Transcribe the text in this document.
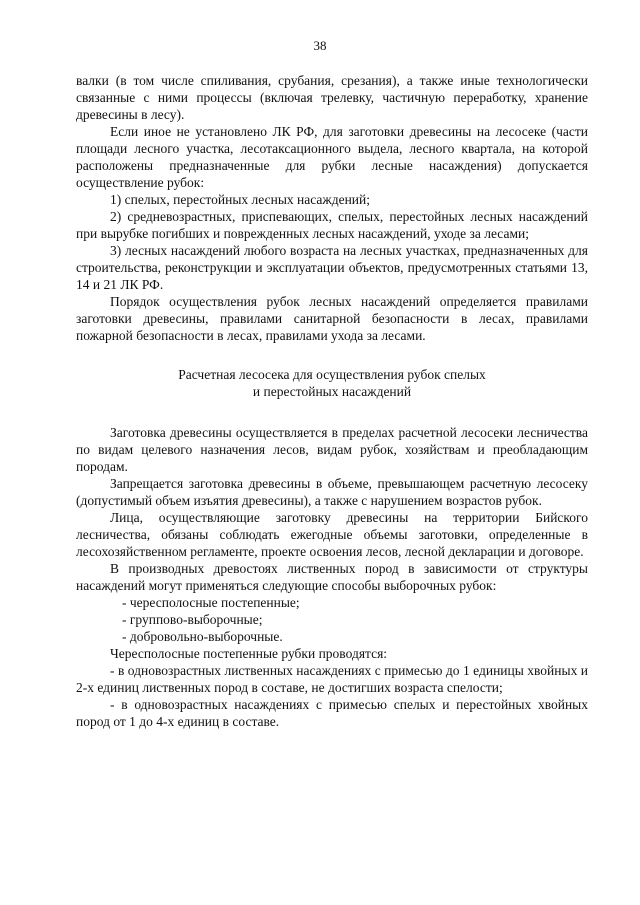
38

валки (в том числе спиливания, срубания, срезания), а также иные технологически связанные с ними процессы (включая трелевку, частичную переработку, хранение древесины в лесу).

Если иное не установлено ЛК РФ, для заготовки древесины на лесосеке (части площади лесного участка, лесотаксационного выдела, лесного квартала, на которой расположены предназначенные для рубки лесные насаждения) допускается осуществление рубок:

1) спелых, перестойных лесных насаждений;

2) средневозрастных, приспевающих, спелых, перестойных лесных насаждений при вырубке погибших и поврежденных лесных насаждений, уходе за лесами;

3) лесных насаждений любого возраста на лесных участках, предназначенных для строительства, реконструкции и эксплуатации объектов, предусмотренных статьями 13, 14 и 21 ЛК РФ.

Порядок осуществления рубок лесных насаждений определяется правилами заготовки древесины, правилами санитарной безопасности в лесах, правилами пожарной безопасности в лесах, правилами ухода за лесами.

Расчетная лесосека для осуществления рубок спелых
и перестойных насаждений

Заготовка древесины осуществляется в пределах расчетной лесосеки лесничества по видам целевого назначения лесов, видам рубок, хозяйствам и преобладающим породам.

Запрещается заготовка древесины в объеме, превышающем расчетную лесосеку (допустимый объем изъятия древесины), а также с нарушением возрастов рубок.

Лица, осуществляющие заготовку древесины на территории Бийского лесничества, обязаны соблюдать ежегодные объемы заготовки, определенные в лесохозяйственном регламенте, проекте освоения лесов, лесной декларации и договоре.

В производных древостоях лиственных пород в зависимости от структуры насаждений могут применяться следующие способы выборочных рубок:

- чересполосные постепенные;

- группово-выборочные;

- добровольно-выборочные.

Чересполосные постепенные рубки проводятся:

- в одновозрастных лиственных насаждениях с примесью до 1 единицы хвойных и 2-х единиц лиственных пород в составе, не достигших возраста спелости;

- в одновозрастных насаждениях с примесью спелых и перестойных хвойных пород от 1 до 4-х единиц в составе.
